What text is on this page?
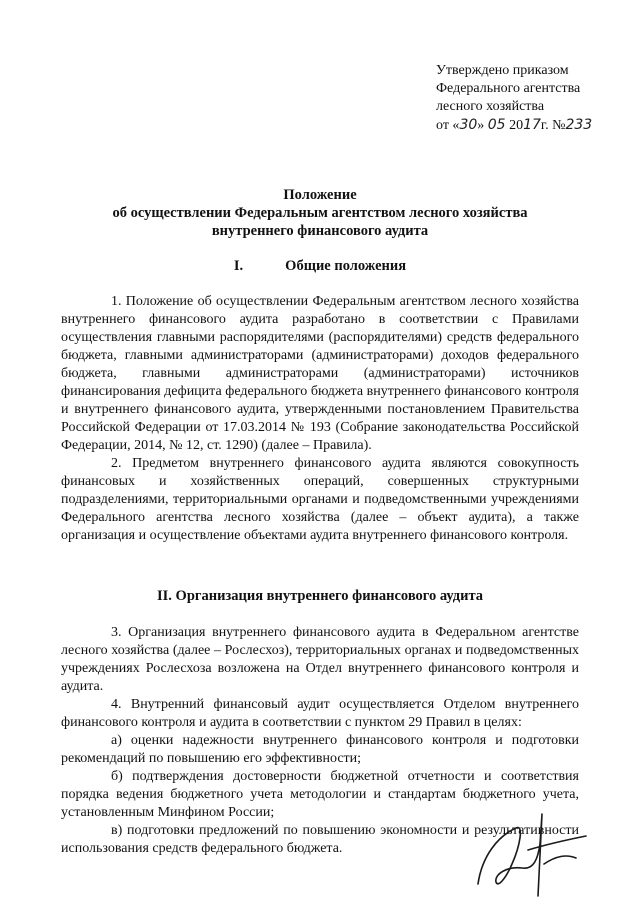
Утверждено приказом
Федерального агентства
лесного хозяйства
от «30» 05 2017г. №233
Положение
об осуществлении Федеральным агентством лесного хозяйства
внутреннего финансового аудита
I.	Общие положения

1. Положение об осуществлении Федеральным агентством лесного хозяйства внутреннего финансового аудита разработано в соответствии с Правилами осуществления главными распорядителями (распорядителями) средств федерального бюджета, главными администраторами (администраторами) доходов федерального бюджета, главными администраторами (администраторами) источников финансирования дефицита федерального бюджета внутреннего финансового контроля и внутреннего финансового аудита, утвержденными постановлением Правительства Российской Федерации от 17.03.2014 № 193 (Собрание законодательства Российской Федерации, 2014, № 12, ст. 1290) (далее – Правила).

2. Предметом внутреннего финансового аудита являются совокупность финансовых и хозяйственных операций, совершенных структурными подразделениями, территориальными органами и подведомственными учреждениями Федерального агентства лесного хозяйства (далее – объект аудита), а также организация и осуществление объектами аудита внутреннего финансового контроля.

II. Организация внутреннего финансового аудита

3. Организация внутреннего финансового аудита в Федеральном агентстве лесного хозяйства (далее – Рослесхоз), территориальных органах и подведомственных учреждениях Рослесхоза возложена на Отдел внутреннего финансового контроля и аудита.

4. Внутренний финансовый аудит осуществляется Отделом внутреннего финансового контроля и аудита в соответствии с пунктом 29 Правил в целях:

а) оценки надежности внутреннего финансового контроля и подготовки рекомендаций по повышению его эффективности;

б) подтверждения достоверности бюджетной отчетности и соответствия порядка ведения бюджетного учета методологии и стандартам бюджетного учета, установленным Минфином России;

в) подготовки предложений по повышению экономности и результативности использования средств федерального бюджета.
